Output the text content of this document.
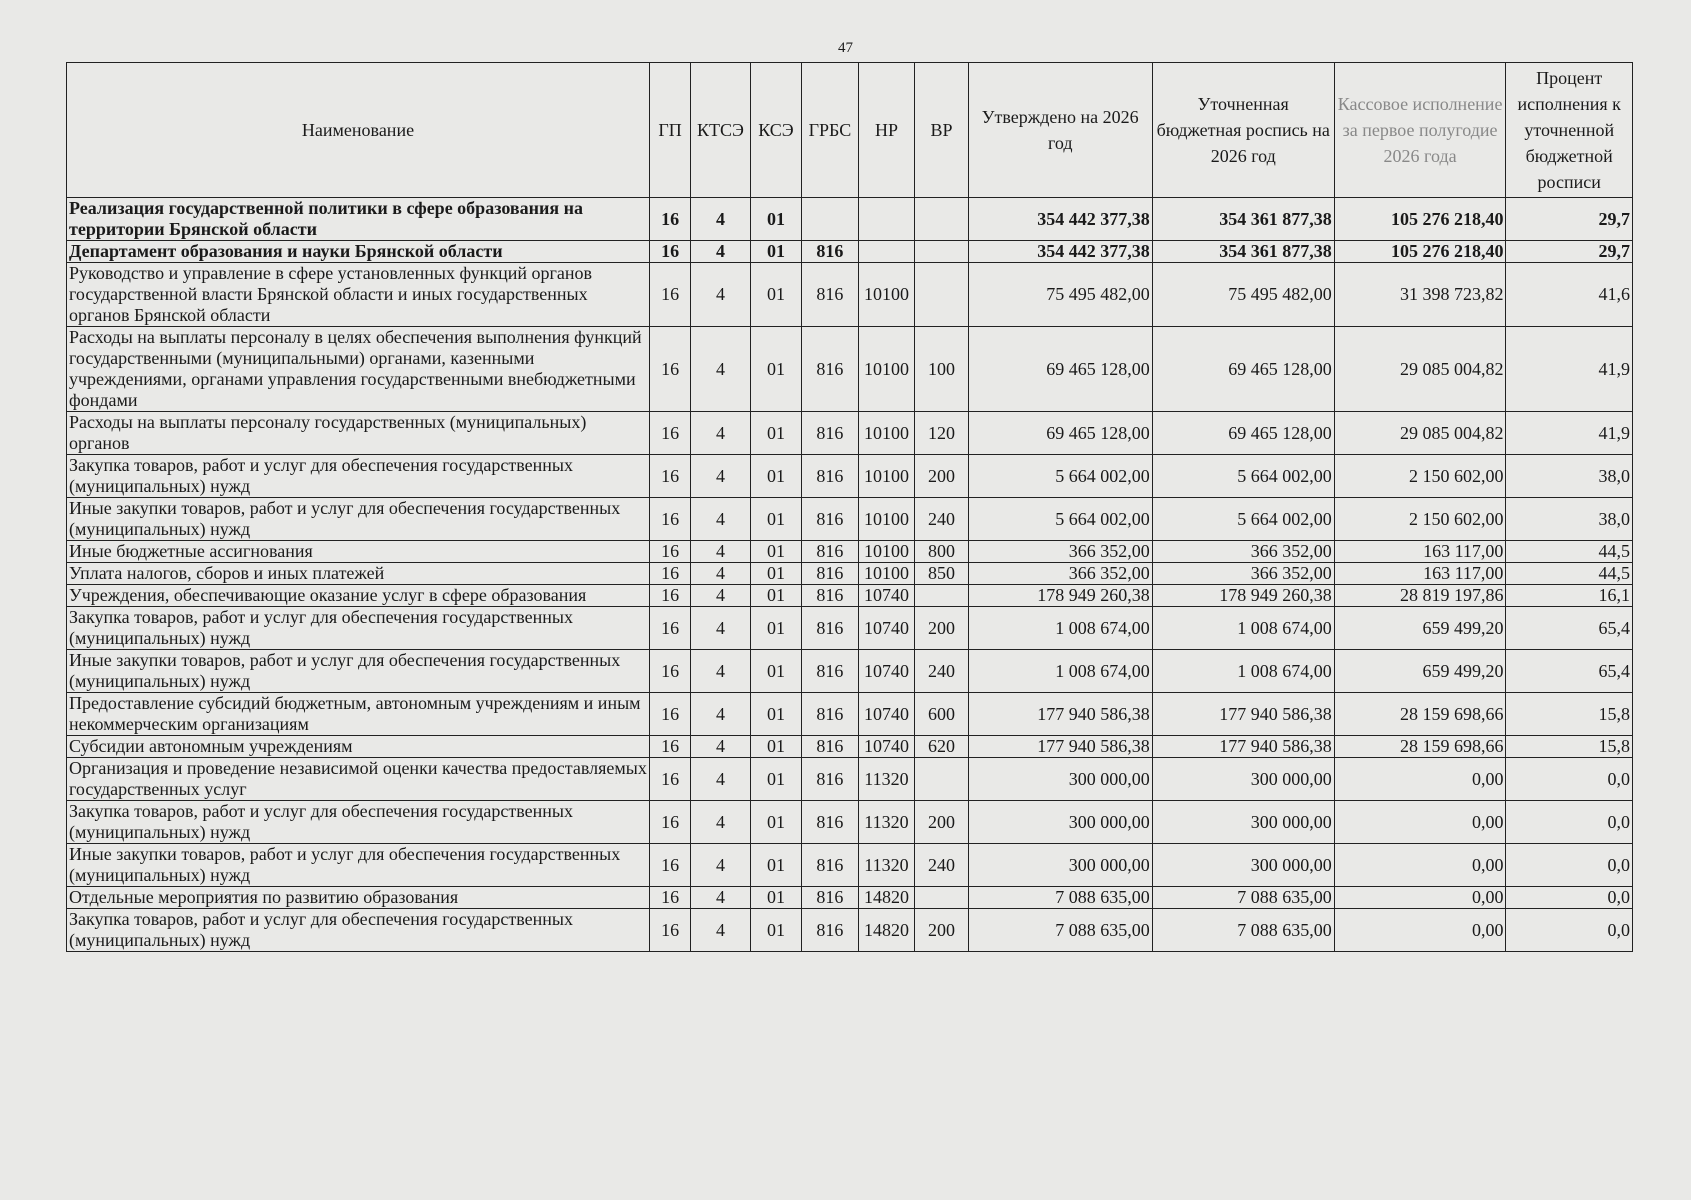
47
Наименование	ГП	КТСЭ	КСЭ	ГРБС	НР	ВР	Утверждено на 2026 год	Уточненная бюджетная роспись на 2026 год	Кассовое исполнение за первое полугодие 2026 года	Процент исполнения к уточненной бюджетной росписи
Реализация государственной политики в сфере образования на территории Брянской области	16	4	01				354 442 377,38	354 361 877,38	105 276 218,40	29,7
Департамент образования и науки Брянской области	16	4	01	816			354 442 377,38	354 361 877,38	105 276 218,40	29,7
Руководство и управление в сфере установленных функций органов государственной власти Брянской области и иных государственных органов Брянской области	16	4	01	816	10100		75 495 482,00	75 495 482,00	31 398 723,82	41,6
Расходы на выплаты персоналу в целях обеспечения выполнения функций государственными (муниципальными) органами, казенными учреждениями, органами управления государственными внебюджетными фондами	16	4	01	816	10100	100	69 465 128,00	69 465 128,00	29 085 004,82	41,9
Расходы на выплаты персоналу государственных (муниципальных) органов	16	4	01	816	10100	120	69 465 128,00	69 465 128,00	29 085 004,82	41,9
Закупка товаров, работ и услуг для обеспечения государственных (муниципальных) нужд	16	4	01	816	10100	200	5 664 002,00	5 664 002,00	2 150 602,00	38,0
Иные закупки товаров, работ и услуг для обеспечения государственных (муниципальных) нужд	16	4	01	816	10100	240	5 664 002,00	5 664 002,00	2 150 602,00	38,0
Иные бюджетные ассигнования	16	4	01	816	10100	800	366 352,00	366 352,00	163 117,00	44,5
Уплата налогов, сборов и иных платежей	16	4	01	816	10100	850	366 352,00	366 352,00	163 117,00	44,5
Учреждения, обеспечивающие оказание услуг в сфере образования	16	4	01	816	10740		178 949 260,38	178 949 260,38	28 819 197,86	16,1
Закупка товаров, работ и услуг для обеспечения государственных (муниципальных) нужд	16	4	01	816	10740	200	1 008 674,00	1 008 674,00	659 499,20	65,4
Иные закупки товаров, работ и услуг для обеспечения государственных (муниципальных) нужд	16	4	01	816	10740	240	1 008 674,00	1 008 674,00	659 499,20	65,4
Предоставление субсидий бюджетным, автономным учреждениям и иным некоммерческим организациям	16	4	01	816	10740	600	177 940 586,38	177 940 586,38	28 159 698,66	15,8
Субсидии автономным учреждениям	16	4	01	816	10740	620	177 940 586,38	177 940 586,38	28 159 698,66	15,8
Организация и проведение независимой оценки качества предоставляемых государственных услуг	16	4	01	816	11320		300 000,00	300 000,00	0,00	0,0
Закупка товаров, работ и услуг для обеспечения государственных (муниципальных) нужд	16	4	01	816	11320	200	300 000,00	300 000,00	0,00	0,0
Иные закупки товаров, работ и услуг для обеспечения государственных (муниципальных) нужд	16	4	01	816	11320	240	300 000,00	300 000,00	0,00	0,0
Отдельные мероприятия по развитию образования	16	4	01	816	14820		7 088 635,00	7 088 635,00	0,00	0,0
Закупка товаров, работ и услуг для обеспечения государственных (муниципальных) нужд	16	4	01	816	14820	200	7 088 635,00	7 088 635,00	0,00	0,0
